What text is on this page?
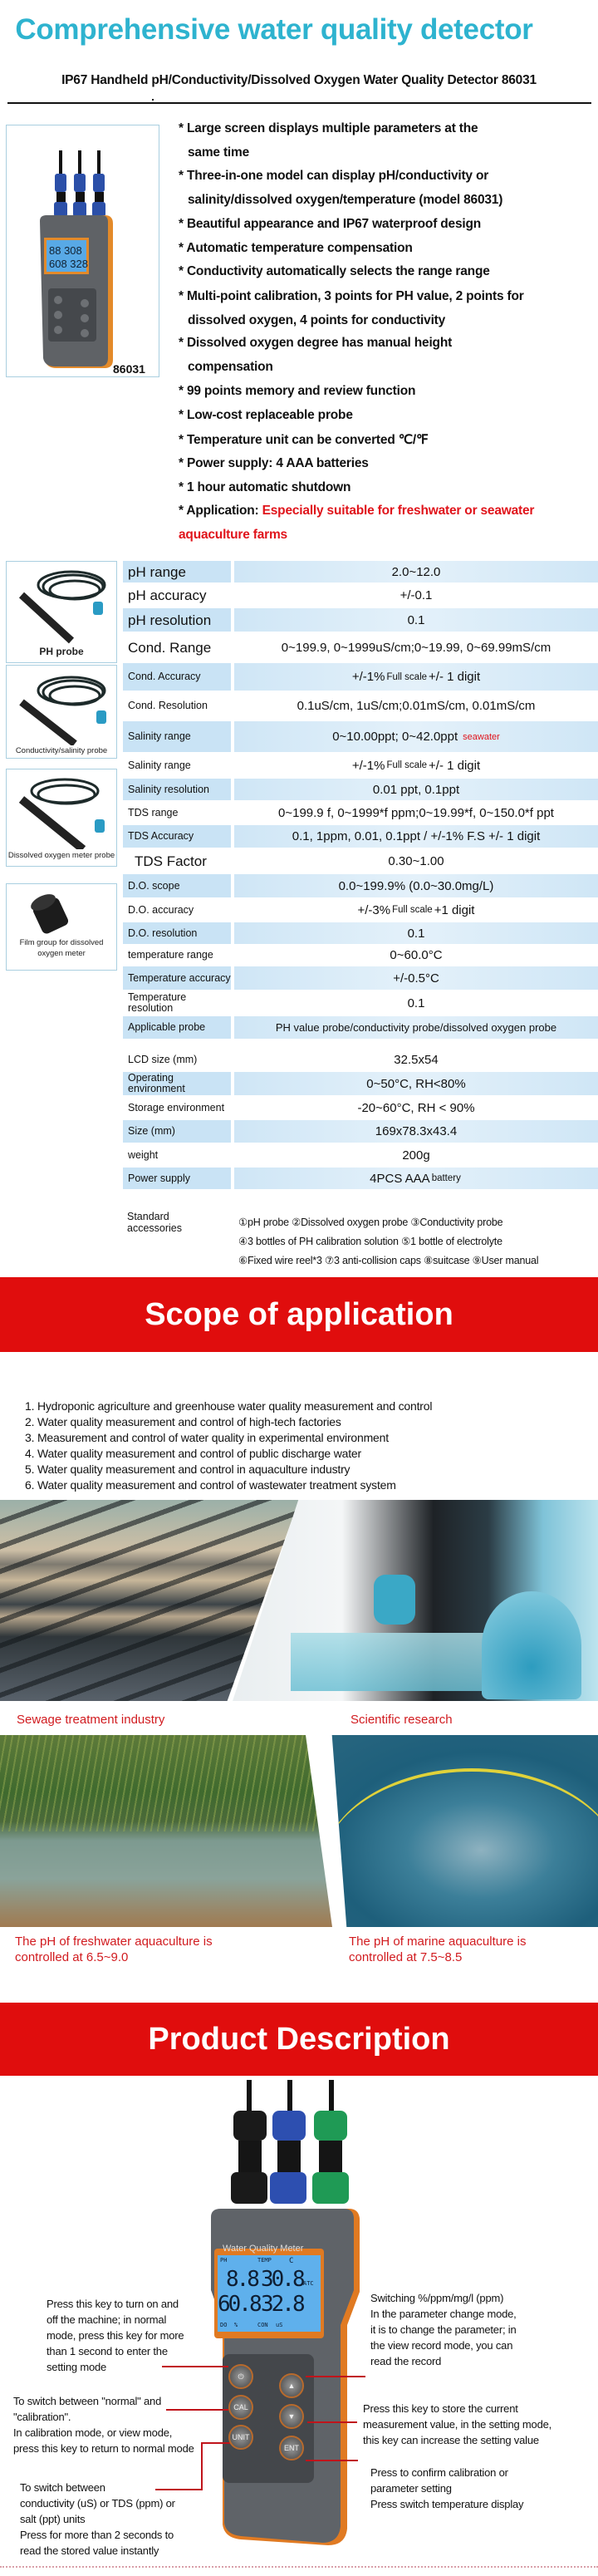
Comprehensive water quality detector
IP67 Handheld pH/Conductivity/Dissolved Oxygen Water Quality Detector 86031
88 308
608 328
86031
* Large screen displays multiple parameters at the
same time
* Three-in-one model can display pH/conductivity or
salinity/dissolved oxygen/temperature (model 86031)
* Beautiful appearance and IP67 waterproof design
* Automatic temperature compensation
* Conductivity automatically selects the range range
* Multi-point calibration, 3 points for PH value, 2 points for
dissolved oxygen, 4 points for conductivity
* Dissolved oxygen degree has manual height
compensation
* 99 points memory and review function
* Low-cost replaceable probe
* Temperature unit can be converted ℃/℉
* Power supply: 4 AAA batteries
* 1 hour automatic shutdown
* Application: Especially suitable for freshwater or seawater
aquaculture farms
PH probe
Conductivity/salinity probe
Dissolved oxygen meter probe
Film group for dissolved oxygen meter
pH range	2.0~12.0
pH accuracy	+/-0.1
pH resolution	0.1
Cond. Range	0~199.9, 0~1999uS/cm;0~19.99, 0~69.99mS/cm
Cond. Accuracy	+/-1% Full scale +/- 1 digit
Cond. Resolution	0.1uS/cm, 1uS/cm;0.01mS/cm, 0.01mS/cm
Salinity range	0~10.00ppt; 0~42.0ppt seawater
Salinity range	+/-1% Full scale +/- 1 digit
Salinity resolution	0.01 ppt, 0.1ppt
TDS range	0~199.9 f, 0~1999*f ppm;0~19.99*f, 0~150.0*f ppt
TDS Accuracy	0.1, 1ppm, 0.01, 0.1ppt / +/-1% F.S +/- 1 digit
TDS Factor	0.30~1.00
D.O. scope	0.0~199.9% (0.0~30.0mg/L)
D.O. accuracy	+/-3% Full scale +1 digit
D.O. resolution	0.1
temperature range	0~60.0°C
Temperature accuracy	+/-0.5°C
Temperature resolution	0.1
Applicable probe	PH value probe/conductivity probe/dissolved oxygen probe
LCD size (mm)	32.5x54
Operating environment	0~50°C, RH<80%
Storage environment	-20~60°C, RH < 90%
Size (mm)	169x78.3x43.4
weight	200g
Power supply	4PCS AAA battery
Standard accessories	①pH probe ②Dissolved oxygen probe ③Conductivity probe
④3 bottles of PH calibration solution ⑤1 bottle of electrolyte
⑥Fixed wire reel*3 ⑦3 anti-collision caps ⑧suitcase ⑨User manual
Scope of application
1. Hydroponic agriculture and greenhouse water quality measurement and control
2. Water quality measurement and control of high-tech factories
3. Measurement and control of water quality in experimental environment
4. Water quality measurement and control of public discharge water
5. Water quality measurement and control in aquaculture industry
6. Water quality measurement and control of wastewater treatment system
Sewage treatment industry	Scientific research
The pH of freshwater aquaculture is
controlled at 6.5~9.0
The pH of marine aquaculture is
controlled at 7.5~8.5
Product Description
Water Quality Meter
PH	TEMP C
8.8 30.8 ATC
60.8 32.8
DO %	CON uS
⏻
CAL
UNIT
▲
▼
ENT
Press this key to turn on and
off the machine; in normal
mode, press this key for more
than 1 second to enter the
setting mode
To switch between "normal" and
"calibration".
In calibration mode, or view mode,
press this key to return to normal mode
To switch between
conductivity (uS) or TDS (ppm) or
salt (ppt) units
Press for more than 2 seconds to
read the stored value instantly
Switching %/ppm/mg/l (ppm)
In the parameter change mode,
it is to change the parameter; in
the view record mode, you can
read the record
Press this key to store the current
measurement value, in the setting mode,
this key can increase the setting value
Press to confirm calibration or
parameter setting
Press switch temperature display
